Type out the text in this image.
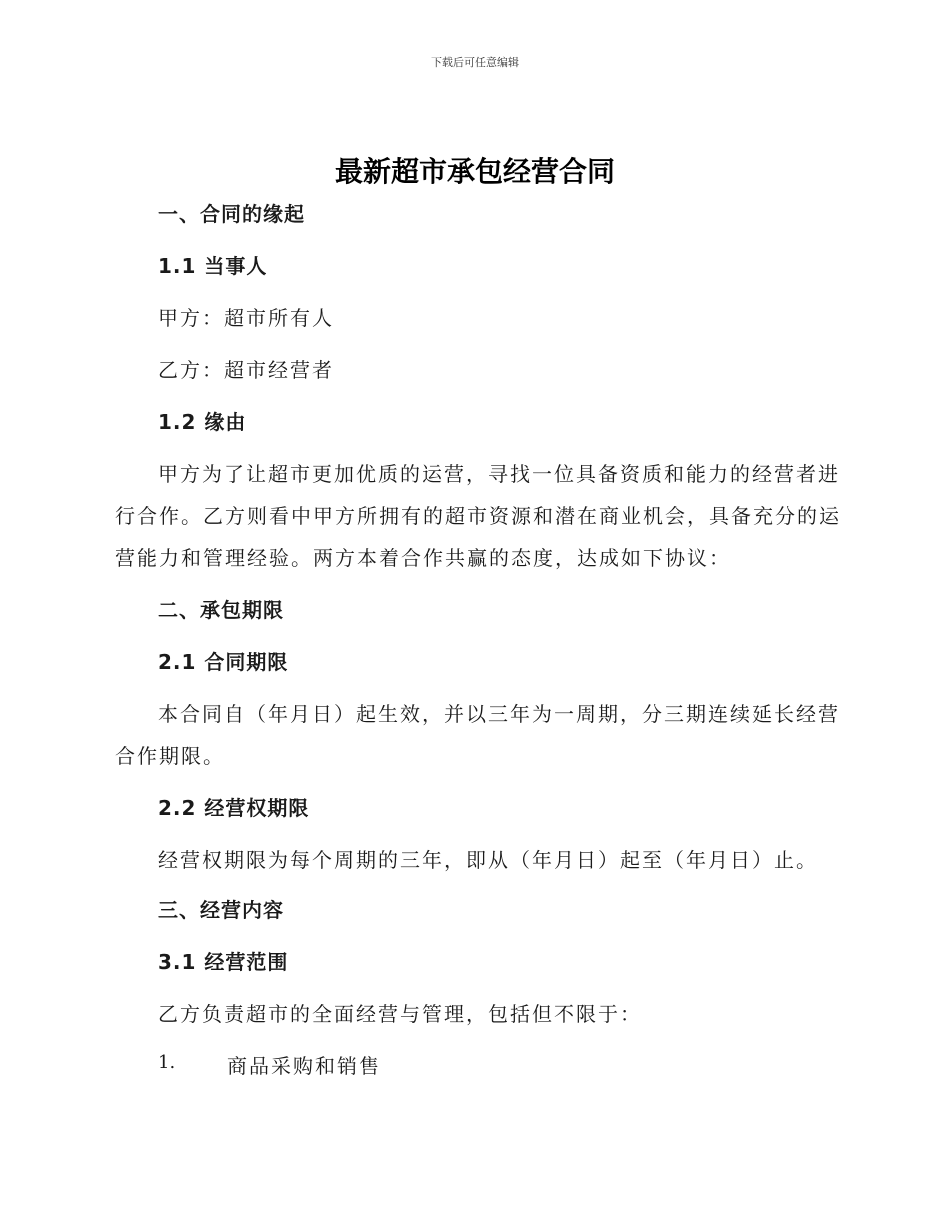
下载后可任意编辑
最新超市承包经营合同
一、合同的缘起
1.1 当事人
甲方：超市所有人
乙方：超市经营者
1.2 缘由
甲方为了让超市更加优质的运营，寻找一位具备资质和能力的经营者进
行合作。乙方则看中甲方所拥有的超市资源和潜在商业机会，具备充分的运
营能力和管理经验。两方本着合作共赢的态度，达成如下协议：
二、承包期限
2.1 合同期限
本合同自（年月日）起生效，并以三年为一周期，分三期连续延长经营
合作期限。
2.2 经营权期限
经营权期限为每个周期的三年，即从（年月日）起至（年月日）止。
三、经营内容
3.1 经营范围
乙方负责超市的全面经营与管理，包括但不限于：
1.	商品采购和销售
